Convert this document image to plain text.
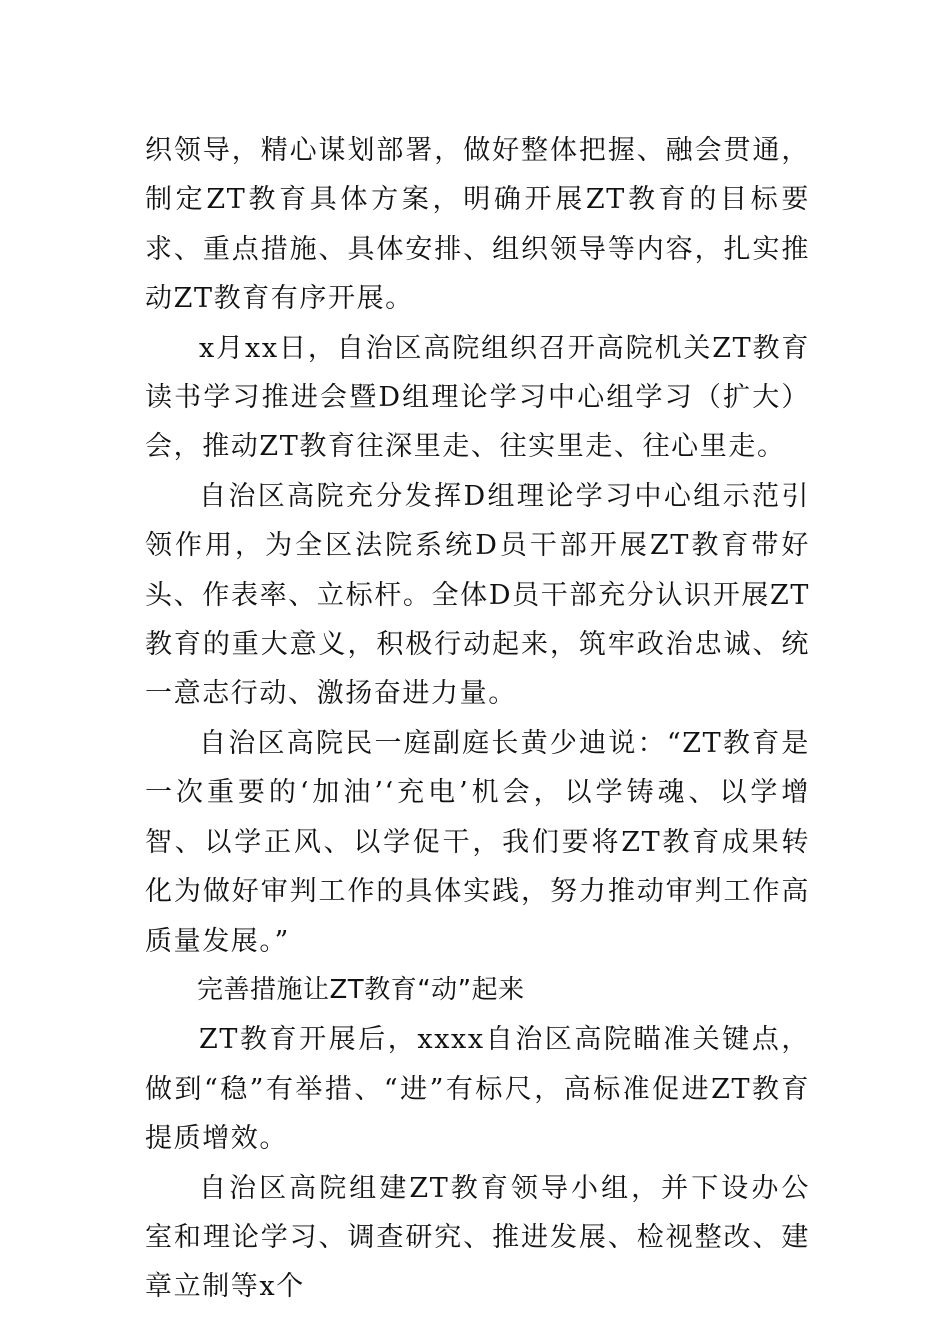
织领导，精心谋划部署，做好整体把握、融会贯通，制定ZT教育具体方案，明确开展ZT教育的目标要求、重点措施、具体安排、组织领导等内容，扎实推动ZT教育有序开展。

x月xx日，自治区高院组织召开高院机关ZT教育读书学习推进会暨D组理论学习中心组学习（扩大）会，推动ZT教育往深里走、往实里走、往心里走。

自治区高院充分发挥D组理论学习中心组示范引领作用，为全区法院系统D员干部开展ZT教育带好头、作表率、立标杆。全体D员干部充分认识开展ZT教育的重大意义，积极行动起来，筑牢政治忠诚、统一意志行动、激扬奋进力量。

自治区高院民一庭副庭长黄少迪说：“ZT教育是一次重要的‘加油’‘充电’机会，以学铸魂、以学增智、以学正风、以学促干，我们要将ZT教育成果转化为做好审判工作的具体实践，努力推动审判工作高质量发展。”

完善措施让ZT教育“动”起来

ZT教育开展后，xxxx自治区高院瞄准关键点，做到“稳”有举措、“进”有标尺，高标准促进ZT教育提质增效。

自治区高院组建ZT教育领导小组，并下设办公室和理论学习、调查研究、推进发展、检视整改、建章立制等x个
